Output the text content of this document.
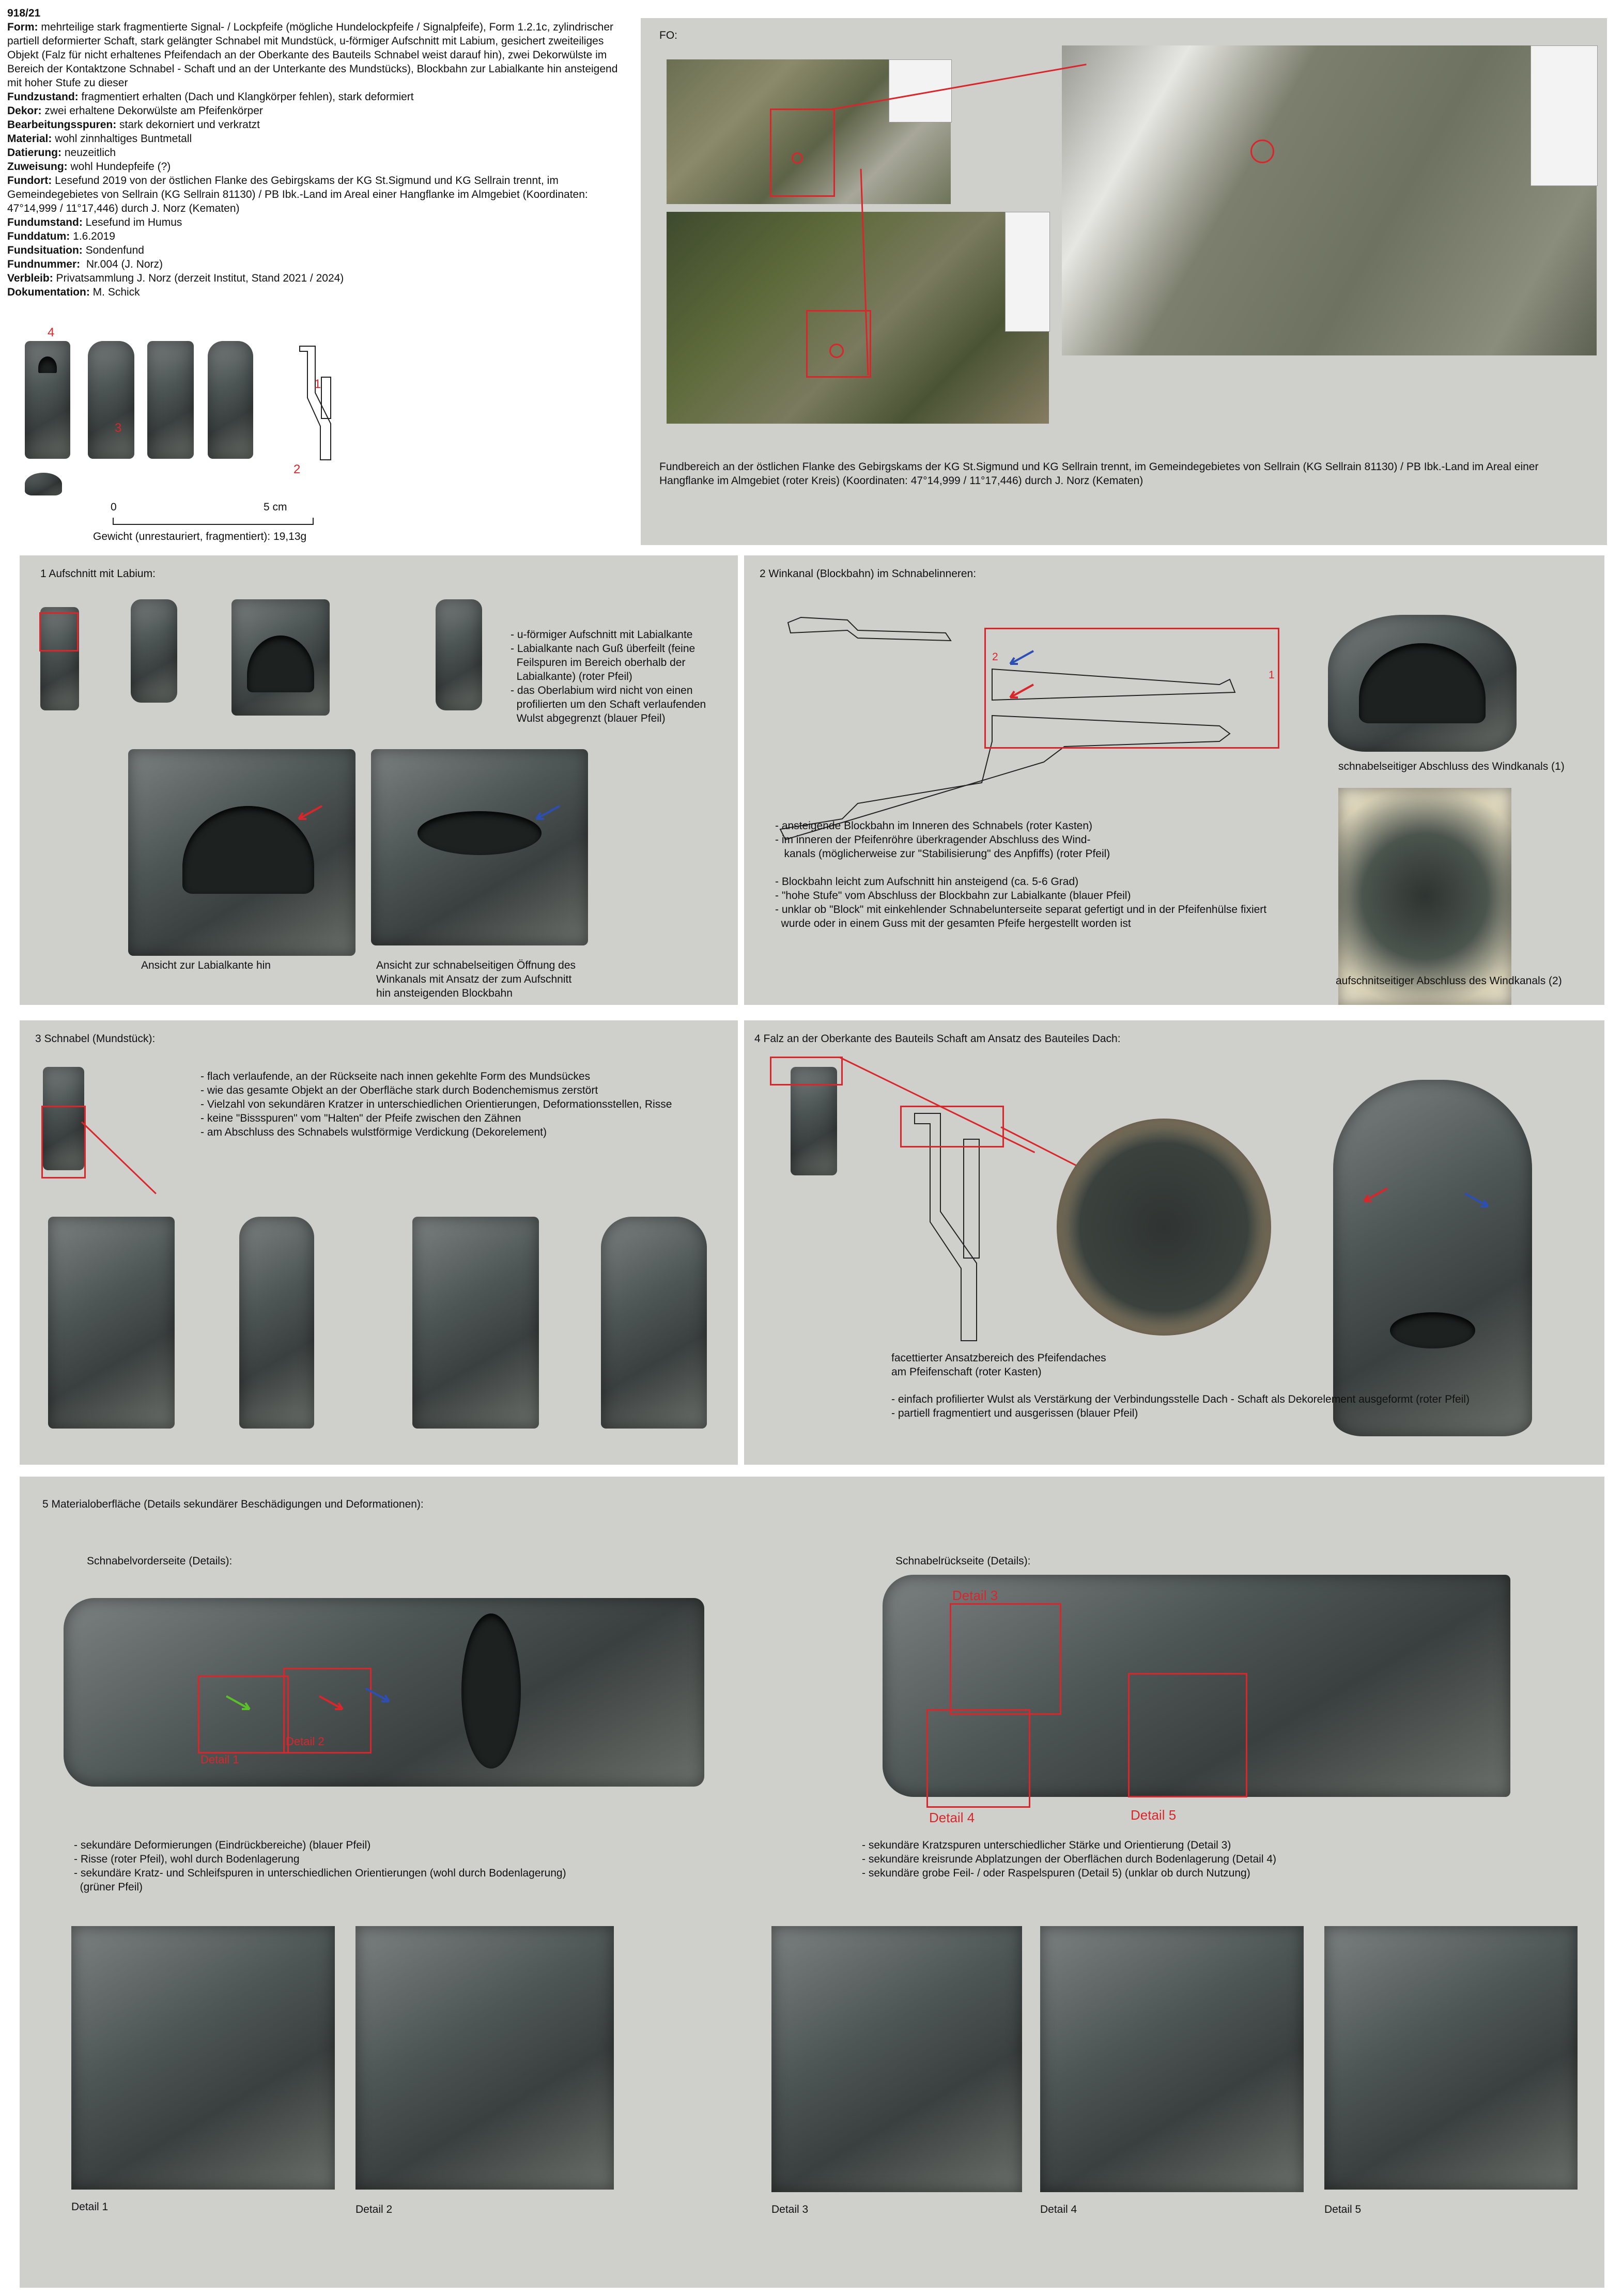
918/21
Form: mehrteilige stark fragmentierte Signal- / Lockpfeife (mögliche Hundelockpfeife / Signalpfeife), Form 1.2.1c, zylindrischer partiell deformierter Schaft, stark gelängter Schnabel mit Mundstück, u-förmiger Aufschnitt mit Labium, gesichert zweiteiliges Objekt (Falz für nicht erhaltenes Pfeifendach an der Oberkante des Bauteils Schnabel weist darauf hin), zwei Dekorwülste im Bereich der Kontaktzone Schnabel - Schaft und an der Unterkante des Mundstücks), Blockbahn zur Labialkante hin ansteigend mit hoher Stufe zu dieser
Fundzustand: fragmentiert erhalten (Dach und Klangkörper fehlen), stark deformiert
Dekor: zwei erhaltene Dekorwülste am Pfeifenkörper
Bearbeitungsspuren: stark dekorniert und verkratzt
Material: wohl zinnhaltiges Buntmetall
Datierung: neuzeitlich
Zuweisung: wohl Hundepfeife (?)
Fundort: Lesefund 2019 von der östlichen Flanke des Gebirgskams der KG St.Sigmund und KG Sellrain trennt, im Gemeindegebietes von Sellrain (KG Sellrain 81130) / PB Ibk.-Land im Areal einer Hangflanke im Almgebiet (Koordinaten: 47°14,999 / 11°17,446) durch J. Norz (Kematen)
Fundumstand: Lesefund im Humus
Funddatum: 1.6.2019
Fundsituation: Sondenfund
Fundnummer:  Nr.004 (J. Norz)
Verbleib: Privatsammlung J. Norz (derzeit Institut, Stand 2021 / 2024)
Dokumentation: M. Schick
4
3
1
2
0	5 cm
Gewicht (unrestauriert, fragmentiert): 19,13g
FO:
Fundbereich an der östlichen Flanke des Gebirgskams der KG St.Sigmund und KG Sellrain trennt, im Gemeindegebietes von Sellrain (KG Sellrain 81130) / PB Ibk.-Land im Areal einer Hangflanke im Almgebiet (roter Kreis) (Koordinaten: 47°14,999 / 11°17,446) durch J. Norz (Kematen)
1 Aufschnitt mit Labium:
- u-förmiger Aufschnitt mit Labialkante
- Labialkante nach Guß überfeilt (feine
Feilspuren im Bereich oberhalb der
Labialkante) (roter Pfeil)
- das Oberlabium wird nicht von einen
profilierten um den Schaft verlaufenden
Wulst abgegrenzt (blauer Pfeil)
Ansicht zur Labialkante hin	Ansicht zur schnabelseitigen Öffnung des
Winkanals mit Ansatz der zum Aufschnitt
hin ansteigenden Blockbahn
2 Winkanal (Blockbahn) im Schnabelinneren:
1
2
- ansteigende Blockbahn im Inneren des Schnabels (roter Kasten)
- im inneren der Pfeifenröhre überkragender Abschluss des Wind-
kanals (möglicherweise zur "Stabilisierung" des Anpfiffs) (roter Pfeil)
- Blockbahn leicht zum Aufschnitt hin ansteigend (ca. 5-6 Grad)
- "hohe Stufe" vom Abschluss der Blockbahn zur Labialkante (blauer Pfeil)
- unklar ob "Block" mit einkehlender Schnabelunterseite separat gefertigt und in der Pfeifenhülse fixiert
wurde oder in einem Guss mit der gesamten Pfeife hergestellt worden ist
schnabelseitiger Abschluss des Windkanals (1)
aufschnitseitiger Abschluss des Windkanals (2)
3 Schnabel (Mundstück):
- flach verlaufende, an der Rückseite nach innen gekehlte Form des Mundsückes
- wie das gesamte Objekt an der Oberfläche stark durch Bodenchemismus zerstört
- Vielzahl von sekundären Kratzer in unterschiedlichen Orientierungen, Deformationsstellen, Risse
- keine "Bissspuren" vom "Halten" der Pfeife zwischen den Zähnen
- am Abschluss des Schnabels wulstförmige Verdickung (Dekorelement)
4 Falz an der Oberkante des Bauteils Schaft am Ansatz des Bauteiles Dach:
facettierter Ansatzbereich des Pfeifendaches
am Pfeifenschaft (roter Kasten)
- einfach profilierter Wulst als Verstärkung der Verbindungsstelle Dach - Schaft als Dekorelement ausgeformt (roter Pfeil)
- partiell fragmentiert und ausgerissen (blauer Pfeil)
5 Materialoberfläche (Details sekundärer Beschädigungen und Deformationen):
Schnabelvorderseite (Details):	Schnabelrückseite (Details):
Detail 1
Detail 2
Detail 3
Detail 4	Detail 5
- sekundäre Deformierungen (Eindrückbereiche) (blauer Pfeil)
- Risse (roter Pfeil), wohl durch Bodenlagerung
- sekundäre Kratz- und Schleifspuren in unterschiedlichen Orientierungen (wohl durch Bodenlagerung)
(grüner Pfeil)
- sekundäre Kratzspuren unterschiedlicher Stärke und Orientierung (Detail 3)
- sekundäre kreisrunde Abplatzungen der Oberflächen durch Bodenlagerung (Detail 4)
- sekundäre grobe Feil- / oder Raspelspuren (Detail 5) (unklar ob durch Nutzung)
Detail 1	Detail 2	Detail 3	Detail 4	Detail 5
